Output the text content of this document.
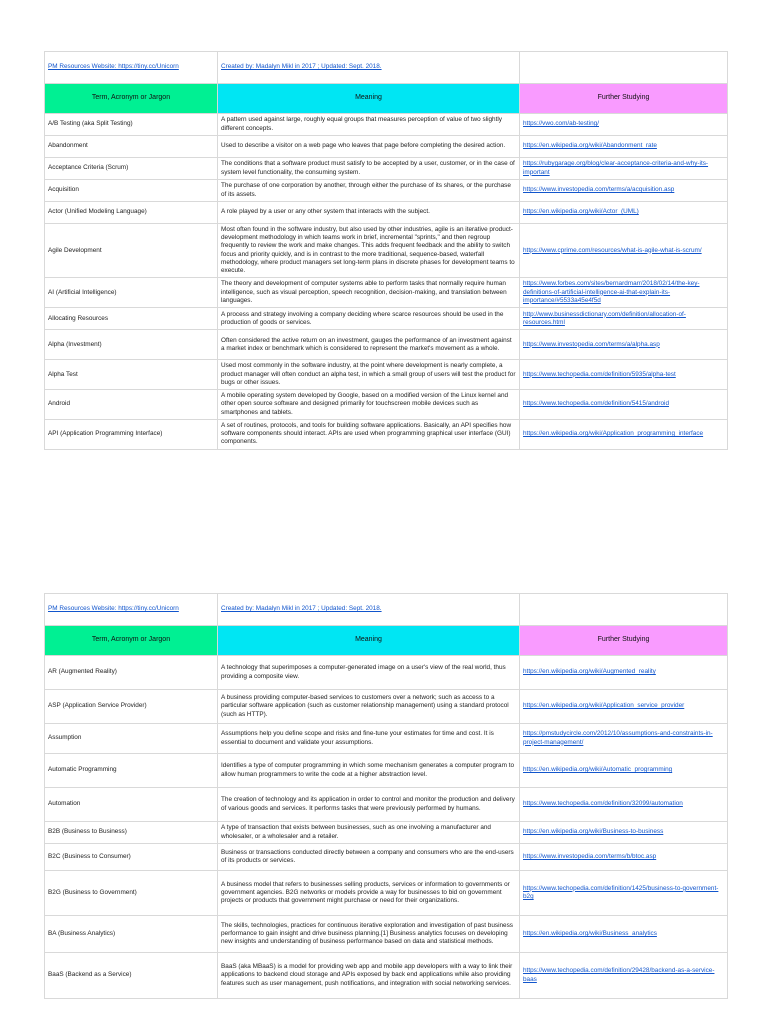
PM Resources Website: https://tiny.cc/Unicorn	Created by: Madalyn Mikl in 2017 ; Updated: Sept. 2018.	
Term, Acronym or Jargon	Meaning	Further Studying
A/B Testing (aka Split Testing)	A pattern used against large, roughly equal groups that measures perception of value of two slightly different concepts.	https://vwo.com/ab-testing/
Abandonment	Used to describe a visitor on a web page who leaves that page before completing the desired action.	https://en.wikipedia.org/wiki/Abandonment_rate
Acceptance Criteria (Scrum)	The conditions that a software product must satisfy to be accepted by a user, customer, or in the case of system level functionality, the consuming system.	https://rubygarage.org/blog/clear-acceptance-criteria-and-why-its-important
Acquisition	The purchase of one corporation by another, through either the purchase of its shares, or the purchase of its assets.	https://www.investopedia.com/terms/a/acquisition.asp
Actor (Unified Modeling Language)	A role played by a user or any other system that interacts with the subject.	https://en.wikipedia.org/wiki/Actor_(UML)
Agile Development	Most often found in the software industry, but also used by other industries, agile is an iterative product-development methodology in which teams work in brief, incremental "sprints," and then regroup frequently to review the work and make changes. This adds frequent feedback and the ability to switch focus and priority quickly, and is in contrast to the more traditional, sequence-based, waterfall methodology, where product managers set long-term plans in discrete phases for development teams to execute.	https://www.cprime.com/resources/what-is-agile-what-is-scrum/
AI (Artificial Intelligence)	The theory and development of computer systems able to perform tasks that normally require human intelligence, such as visual perception, speech recognition, decision-making, and translation between languages.	https://www.forbes.com/sites/bernardmarr/2018/02/14/the-key-definitions-of-artificial-intelligence-ai-that-explain-its-importance/#5533a45e4f5d
Allocating Resources	A process and strategy involving a company deciding where scarce resources should be used in the production of goods or services.	http://www.businessdictionary.com/definition/allocation-of-resources.html
Alpha (Investment)	Often considered the active return on an investment, gauges the performance of an investment against a market index or benchmark which is considered to represent the market's movement as a whole.	https://www.investopedia.com/terms/a/alpha.asp
Alpha Test	Used most commonly in the software industry, at the point where development is nearly complete, a product manager will often conduct an alpha test, in which a small group of users will test the product for bugs or other issues.	https://www.techopedia.com/definition/5935/alpha-test
Android	A mobile operating system developed by Google, based on a modified version of the Linux kernel and other open source software and designed primarily for touchscreen mobile devices such as smartphones and tablets.	https://www.techopedia.com/definition/5415/android
API (Application Programming Interface)	A set of routines, protocols, and tools for building software applications. Basically, an API specifies how software components should interact. APIs are used when programming graphical user interface (GUI) components.	https://en.wikipedia.org/wiki/Application_programming_interface
PM Resources Website: https://tiny.cc/Unicorn	Created by: Madalyn Mikl in 2017 ; Updated: Sept. 2018.	
Term, Acronym or Jargon	Meaning	Further Studying
AR (Augmented Reality)	A technology that superimposes a computer-generated image on a user's view of the real world, thus providing a composite view.	https://en.wikipedia.org/wiki/Augmented_reality
ASP (Application Service Provider)	A business providing computer-based services to customers over a network; such as access to a particular software application (such as customer relationship management) using a standard protocol (such as HTTP).	https://en.wikipedia.org/wiki/Application_service_provider
Assumption	Assumptions help you define scope and risks and fine-tune your estimates for time and cost. It is essential to document and validate your assumptions.	https://pmstudycircle.com/2012/10/assumptions-and-constraints-in-project-management/
Automatic Programming	Identifies a type of computer programming in which some mechanism generates a computer program to allow human programmers to write the code at a higher abstraction level.	https://en.wikipedia.org/wiki/Automatic_programming
Automation	The creation of technology and its application in order to control and monitor the production and delivery of various goods and services. It performs tasks that were previously performed by humans.	https://www.techopedia.com/definition/32099/automation
B2B (Business to Business)	A type of transaction that exists between businesses, such as one involving a manufacturer and wholesaler, or a wholesaler and a retailer.	https://en.wikipedia.org/wiki/Business-to-business
B2C (Business to Consumer)	Business or transactions conducted directly between a company and consumers who are the end-users of its products or services.	https://www.investopedia.com/terms/b/btoc.asp
B2G (Business to Government)	A business model that refers to businesses selling products, services or information to governments or government agencies. B2G networks or models provide a way for businesses to bid on government projects or products that government might purchase or need for their organizations.	https://www.techopedia.com/definition/1425/business-to-government-b2g
BA (Business Analytics)	The skills, technologies, practices for continuous iterative exploration and investigation of past business performance to gain insight and drive business planning.[1] Business analytics focuses on developing new insights and understanding of business performance based on data and statistical methods.	https://en.wikipedia.org/wiki/Business_analytics
BaaS (Backend as a Service)	BaaS (aka MBaaS) is a model for providing web app and mobile app developers with a way to link their applications to backend cloud storage and APIs exposed by back end applications while also providing features such as user management, push notifications, and integration with social networking services.	https://www.techopedia.com/definition/29428/backend-as-a-service-baas
